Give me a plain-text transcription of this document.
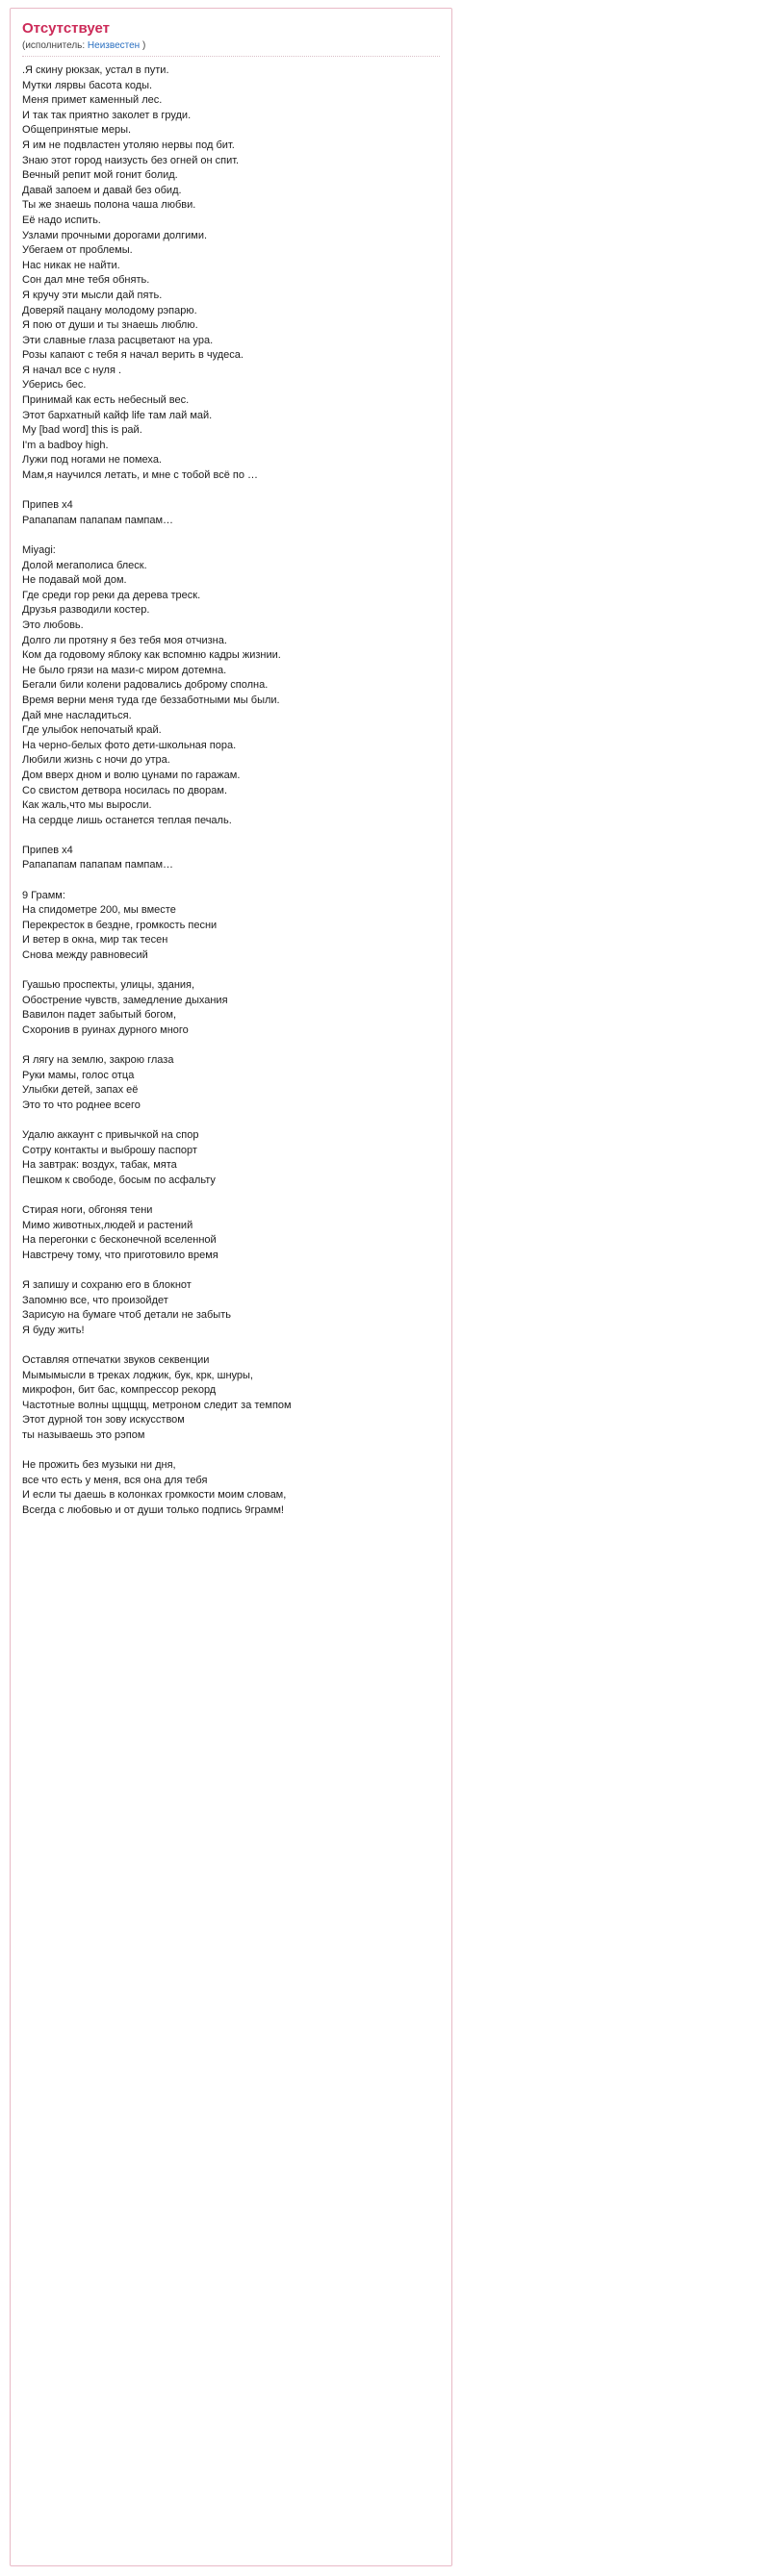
Отсутствует
(исполнитель: Неизвестен )
.Я скину рюкзак, устал в пути.
Мутки лярвы басота коды.
Меня примет каменный лес.
И так так приятно заколет в груди.
Общепринятые меры.
Я им не подвластен утоляю нервы под бит.
Знаю этот город наизусть без огней он спит.
Вечный репит мой гонит болид.
Давай запоем и давай без обид.
Ты же знаешь полона чаша любви.
Её надо испить.
Узлами прочными дорогами долгими.
Убегаем от проблемы.
Нас никак не найти.
Сон дал мне тебя обнять.
Я кручу эти мысли дай пять.
Доверяй пацану молодому рэпарю.
Я пою от души и ты знаешь люблю.
Эти славные глаза расцветают на ура.
Розы капают с тебя я начал верить в чудеса.
Я начал все с нуля .
Уберись бес.
Принимай как есть небесный вес.
Этот бархатный кайф life там лай май.
My [bad word] this is рай.
I'm a badboy high.
Лужи под ногами не помеха.
Мам,я научился летать, и мне с тобой всё по …
Припев x4
Рапапапам папапам пампам…
Miyagi:
Долой мегаполиса блеск.
Не подавай мой дом.
Где среди гор реки да дерева треск.
Друзья разводили костер.
Это любовь.
Долго ли протяну я без тебя моя отчизна.
Ком да годовому яблоку как вспомню кадры жизнии.
Не было грязи на мази-с миром дотемна.
Бегали били колени радовались доброму сполна.
Время верни меня туда где беззаботными мы были.
Дай мне насладиться.
Где улыбок непочатый край.
На черно-белых фото дети-школьная пора.
Любили жизнь с ночи до утра.
Дом вверх дном и волю цунами по гаражам.
Со свистом детвора носилась по дворам.
Как жаль,что мы выросли.
На сердце лишь останется теплая печаль.
Припев x4
Рапапапам папапам пампам…
9 Грамм:
На спидометре 200, мы вместе
Перекресток в бездне, громкость песни
И ветер в окна, мир так тесен
Снова между равновесий
Гуашью проспекты, улицы, здания,
Обострение чувств, замедление дыхания
Вавилон падет забытый богом,
Схоронив в руинах дурного много
Я лягу на землю, закрою глаза
Руки мамы, голос отца
Улыбки детей, запах её
Это то что роднее всего
Удалю аккаунт с привычкой на спор
Сотру контакты и выброшу паспорт
На завтрак: воздух, табак, мята
Пешком к свободе, босым по асфальту
Стирая ноги, обгоняя тени
Мимо животных,людей и растений
На перегонки с бесконечной вселенной
Навстречу тому, что приготовило время
Я запишу и сохраню его в блокнот
Запомню все, что произойдет
Зарисую на бумаге чтоб детали не забыть
Я буду жить!
Оставляя отпечатки звуков секвенции
Мымымысли в треках лоджик, бук, крк, шнуры,
микрофон, бит бас, компрессор рекорд
Частотные волны щщщщ, метроном следит за темпом
Этот дурной тон зову искусством
ты называешь это рэпом
Не прожить без музыки ни дня,
все что есть у меня, вся она для тебя
И если ты даешь в колонках громкости моим словам,
Всегда с любовью и от души только подпись 9грамм!
